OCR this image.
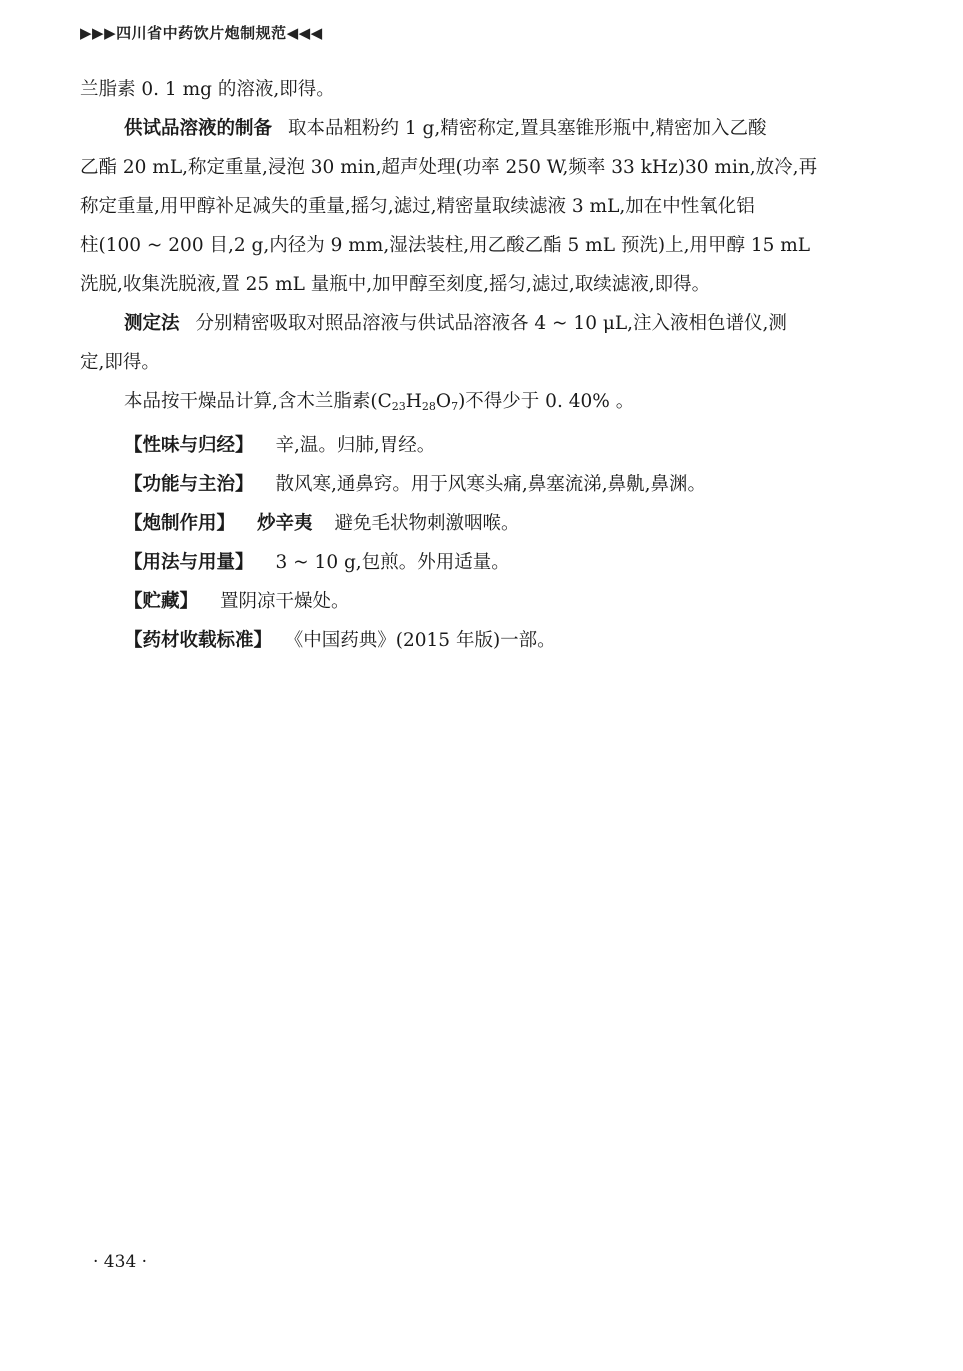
▶▶▶四川省中药饮片炮制规范◀◀◀

兰脂素 0. 1 mg 的溶液,即得。

供试品溶液的制备 取本品粗粉约 1 g,精密称定,置具塞锥形瓶中,精密加入乙酸

乙酯 20 mL,称定重量,浸泡 30 min,超声处理(功率 250 W,频率 33 kHz)30 min,放冷,再

称定重量,用甲醇补足减失的重量,摇匀,滤过,精密量取续滤液 3 mL,加在中性氧化铝

柱(100 ~ 200 目,2 g,内径为 9 mm,湿法装柱,用乙酸乙酯 5 mL 预洗)上,用甲醇 15 mL

洗脱,收集洗脱液,置 25 mL 量瓶中,加甲醇至刻度,摇匀,滤过,取续滤液,即得。

测定法 分别精密吸取对照品溶液与供试品溶液各 4 ~ 10 μL,注入液相色谱仪,测

定,即得。

本品按干燥品计算,含木兰脂素$(C_{23}H_{28}O_7)$不得少于 0. 40% 。

【性味与归经】 辛,温。归肺,胃经。

【功能与主治】 散风寒,通鼻窍。用于风寒头痛,鼻塞流涕,鼻鼽,鼻渊。

【炮制作用】 炒辛夷 避免毛状物刺激咽喉。

【用法与用量】 3 ~ 10 g,包煎。外用适量。

【贮藏】 置阴凉干燥处。

【药材收载标准】 《中国药典》(2015 年版)一部。

· 434 ·
